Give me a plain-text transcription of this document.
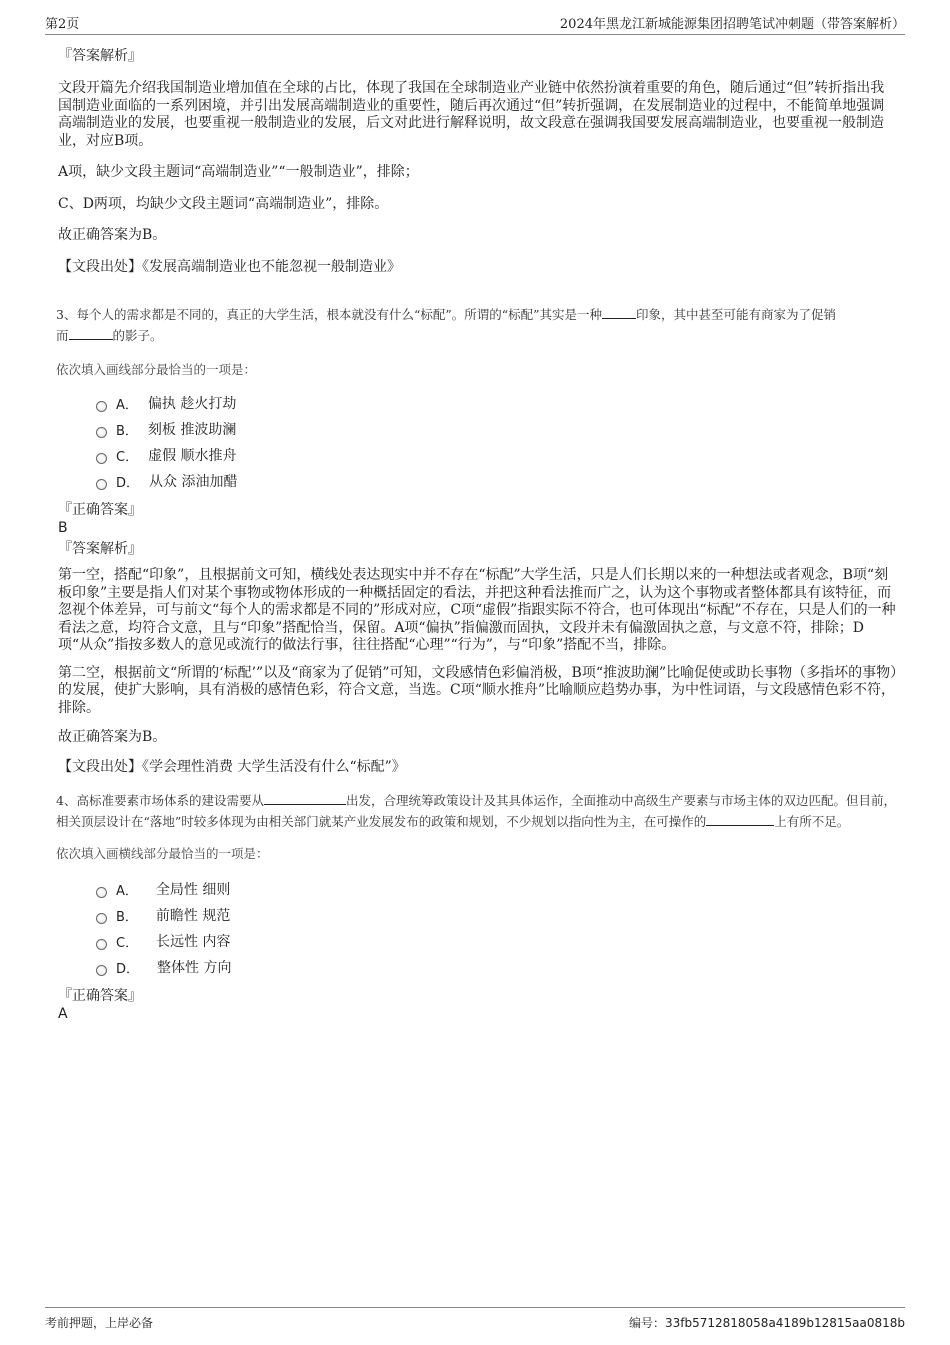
第2页	2024年黑龙江新城能源集团招聘笔试冲刺题（带答案解析）
『答案解析』
文段开篇先介绍我国制造业增加值在全球的占比，体现了我国在全球制造业产业链中依然扮演着重要的角色，随后通过“但”转折指出我国制造业面临的一系列困境，并引出发展高端制造业的重要性，随后再次通过“但”转折强调，在发展制造业的过程中，不能简单地强调高端制造业的发展，也要重视一般制造业的发展，后文对此进行解释说明，故文段意在强调我国要发展高端制造业，也要重视一般制造业，对应B项。
A项，缺少文段主题词“高端制造业”“一般制造业”，排除；
C、D两项，均缺少文段主题词“高端制造业”，排除。
故正确答案为B。
【文段出处】《发展高端制造业也不能忽视一般制造业》

3、每个人的需求都是不同的，真正的大学生活，根本就没有什么“标配”。所谓的“标配”其实是一种	印象，其中甚至可能有商家为了促销
而	的影子。

依次填入画线部分最恰当的一项是：

A． 偏执 趁火打劫
B． 刻板 推波助澜
C． 虚假 顺水推舟
D． 从众 添油加醋
『正确答案』
B
『答案解析』
第一空，搭配“印象”，且根据前文可知，横线处表达现实中并不存在“标配”大学生活，只是人们长期以来的一种想法或者观念，B项“刻板印象”主要是指人们对某个事物或物体形成的一种概括固定的看法，并把这种看法推而广之，认为这个事物或者整体都具有该特征，而忽视个体差异，可与前文“每个人的需求都是不同的”形成对应，C项“虚假”指跟实际不符合，也可体现出“标配”不存在，只是人们的一种看法之意，均符合文意，且与“印象”搭配恰当，保留。A项“偏执”指偏激而固执，文段并未有偏激固执之意，与文意不符，排除；D项“从众”指按多数人的意见或流行的做法行事，往往搭配“心理”“行为”，与“印象”搭配不当，排除。
第二空，根据前文“所谓的‘标配’”以及“商家为了促销”可知，文段感情色彩偏消极，B项“推波助澜”比喻促使或助长事物（多指坏的事物）的发展，使扩大影响，具有消极的感情色彩，符合文意，当选。C项“顺水推舟”比喻顺应趋势办事，为中性词语，与文段感情色彩不符，排除。
故正确答案为B。
【文段出处】《学会理性消费 大学生活没有什么“标配”》

4、高标准要素市场体系的建设需要从	出发，合理统筹政策设计及其具体运作，全面推动中高级生产要素与市场主体的双边匹配。但目前，相关顶层设计在“落地”时较多体现为由相关部门就某产业发展发布的政策和规划，不少规划以指向性为主，在可操作的	上有所不足。

依次填入画横线部分最恰当的一项是：

A． 全局性 细则
B． 前瞻性 规范
C． 长远性 内容
D． 整体性 方向
『正确答案』
A
考前押题，上岸必备	编号：33fb5712818058a4189b12815aa0818b
